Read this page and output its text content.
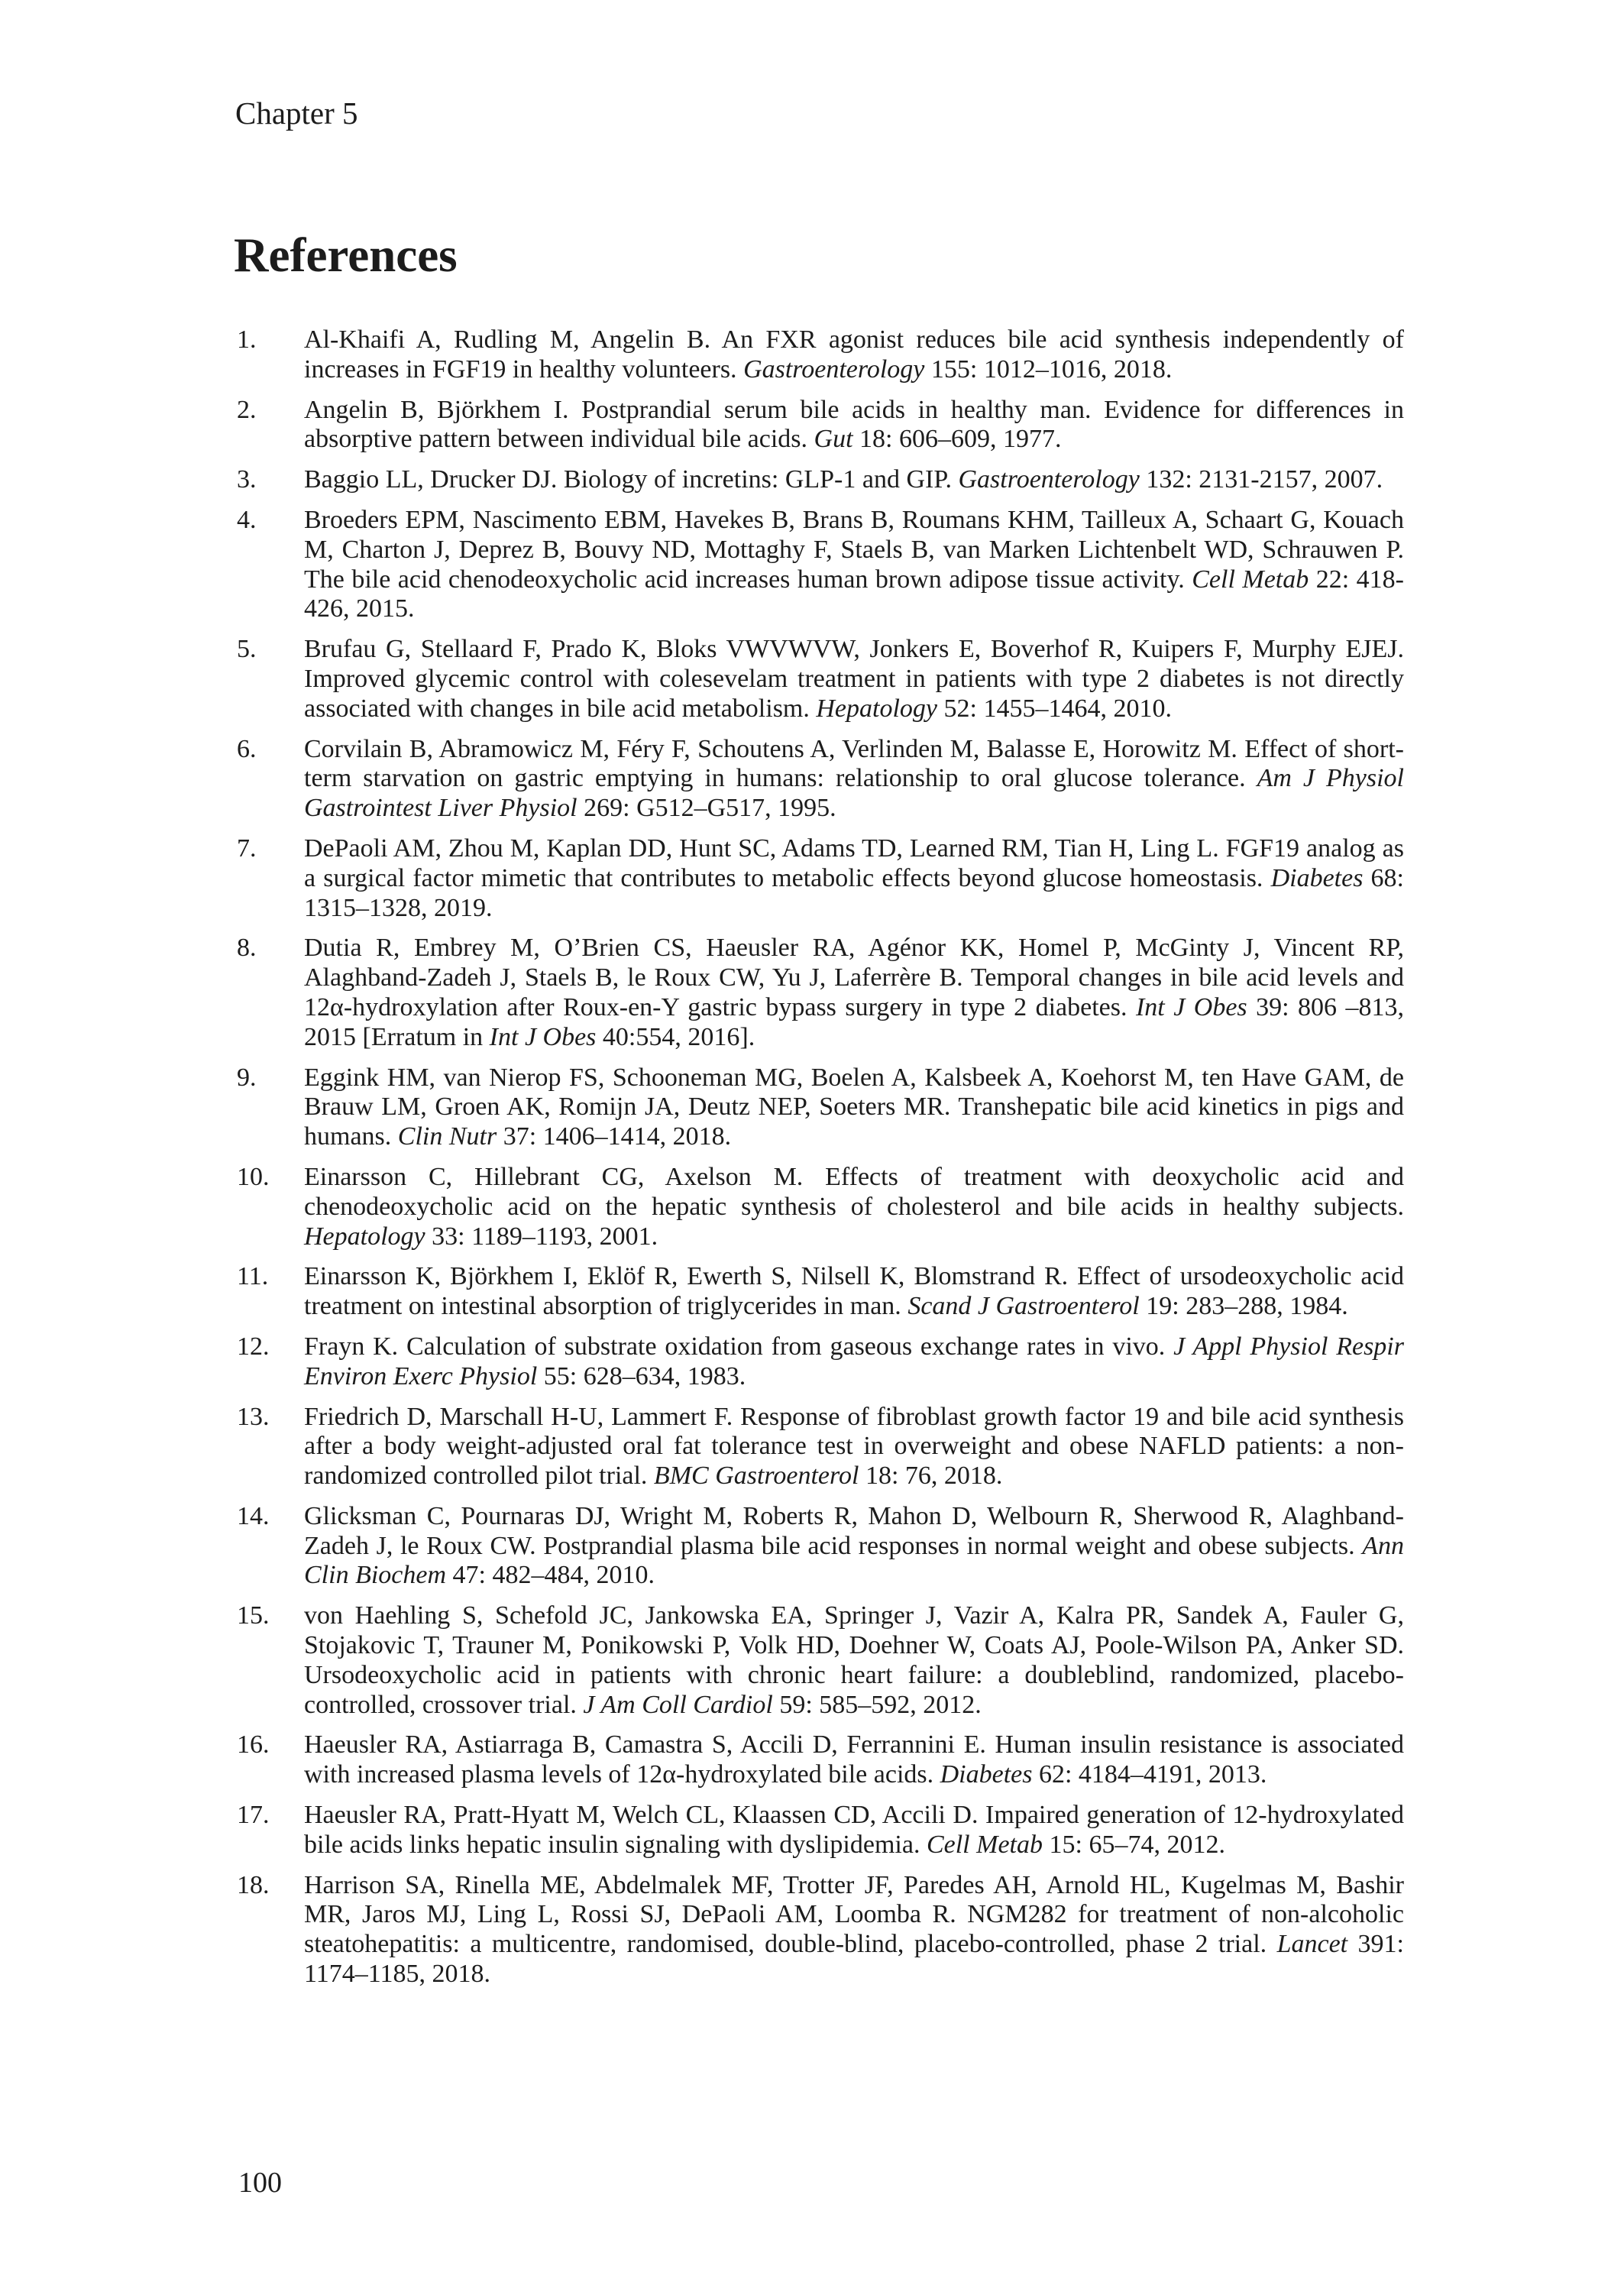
Chapter 5
References
1. Al-Khaifi A, Rudling M, Angelin B. An FXR agonist reduces bile acid synthesis independently of increases in FGF19 in healthy volunteers. Gastroenterology 155: 1012–1016, 2018.
2. Angelin B, Björkhem I. Postprandial serum bile acids in healthy man. Evidence for differences in absorptive pattern between individual bile acids. Gut 18: 606–609, 1977.
3. Baggio LL, Drucker DJ. Biology of incretins: GLP-1 and GIP. Gastroenterology 132: 2131-2157, 2007.
4. Broeders EPM, Nascimento EBM, Havekes B, Brans B, Roumans KHM, Tailleux A, Schaart G, Kouach M, Charton J, Deprez B, Bouvy ND, Mottaghy F, Staels B, van Marken Lichtenbelt WD, Schrauwen P. The bile acid chenodeoxycholic acid increases human brown adipose tissue activity. Cell Metab 22: 418-426, 2015.
5. Brufau G, Stellaard F, Prado K, Bloks VWVWVW, Jonkers E, Boverhof R, Kuipers F, Murphy EJEJ. Improved glycemic control with colesevelam treatment in patients with type 2 diabetes is not directly associated with changes in bile acid metabolism. Hepatology 52: 1455–1464, 2010.
6. Corvilain B, Abramowicz M, Féry F, Schoutens A, Verlinden M, Balasse E, Horowitz M. Effect of short-term starvation on gastric emptying in humans: relationship to oral glucose tolerance. Am J Physiol Gastrointest Liver Physiol 269: G512–G517, 1995.
7. DePaoli AM, Zhou M, Kaplan DD, Hunt SC, Adams TD, Learned RM, Tian H, Ling L. FGF19 analog as a surgical factor mimetic that contributes to metabolic effects beyond glucose homeostasis. Diabetes 68: 1315–1328, 2019.
8. Dutia R, Embrey M, O’Brien CS, Haeusler RA, Agénor KK, Homel P, McGinty J, Vincent RP, Alaghband-Zadeh J, Staels B, le Roux CW, Yu J, Laferrère B. Temporal changes in bile acid levels and 12α-hydroxylation after Roux-en-Y gastric bypass surgery in type 2 diabetes. Int J Obes 39: 806 –813, 2015 [Erratum in Int J Obes 40:554, 2016].
9. Eggink HM, van Nierop FS, Schooneman MG, Boelen A, Kalsbeek A, Koehorst M, ten Have GAM, de Brauw LM, Groen AK, Romijn JA, Deutz NEP, Soeters MR. Transhepatic bile acid kinetics in pigs and humans. Clin Nutr 37: 1406–1414, 2018.
10. Einarsson C, Hillebrant CG, Axelson M. Effects of treatment with deoxycholic acid and chenodeoxycholic acid on the hepatic synthesis of cholesterol and bile acids in healthy subjects. Hepatology 33: 1189–1193, 2001.
11. Einarsson K, Björkhem I, Eklöf R, Ewerth S, Nilsell K, Blomstrand R. Effect of ursodeoxycholic acid treatment on intestinal absorption of triglycerides in man. Scand J Gastroenterol 19: 283–288, 1984.
12. Frayn K. Calculation of substrate oxidation from gaseous exchange rates in vivo. J Appl Physiol Respir Environ Exerc Physiol 55: 628–634, 1983.
13. Friedrich D, Marschall H-U, Lammert F. Response of fibroblast growth factor 19 and bile acid synthesis after a body weight-adjusted oral fat tolerance test in overweight and obese NAFLD patients: a non-randomized controlled pilot trial. BMC Gastroenterol 18: 76, 2018.
14. Glicksman C, Pournaras DJ, Wright M, Roberts R, Mahon D, Welbourn R, Sherwood R, Alaghband-Zadeh J, le Roux CW. Postprandial plasma bile acid responses in normal weight and obese subjects. Ann Clin Biochem 47: 482–484, 2010.
15. von Haehling S, Schefold JC, Jankowska EA, Springer J, Vazir A, Kalra PR, Sandek A, Fauler G, Stojakovic T, Trauner M, Ponikowski P, Volk HD, Doehner W, Coats AJ, Poole-Wilson PA, Anker SD. Ursodeoxycholic acid in patients with chronic heart failure: a doubleblind, randomized, placebo-controlled, crossover trial. J Am Coll Cardiol 59: 585–592, 2012.
16. Haeusler RA, Astiarraga B, Camastra S, Accili D, Ferrannini E. Human insulin resistance is associated with increased plasma levels of 12α-hydroxylated bile acids. Diabetes 62: 4184–4191, 2013.
17. Haeusler RA, Pratt-Hyatt M, Welch CL, Klaassen CD, Accili D. Impaired generation of 12-hydroxylated bile acids links hepatic insulin signaling with dyslipidemia. Cell Metab 15: 65–74, 2012.
18. Harrison SA, Rinella ME, Abdelmalek MF, Trotter JF, Paredes AH, Arnold HL, Kugelmas M, Bashir MR, Jaros MJ, Ling L, Rossi SJ, DePaoli AM, Loomba R. NGM282 for treatment of non-alcoholic steatohepatitis: a multicentre, randomised, double-blind, placebo-controlled, phase 2 trial. Lancet 391: 1174–1185, 2018.
100
